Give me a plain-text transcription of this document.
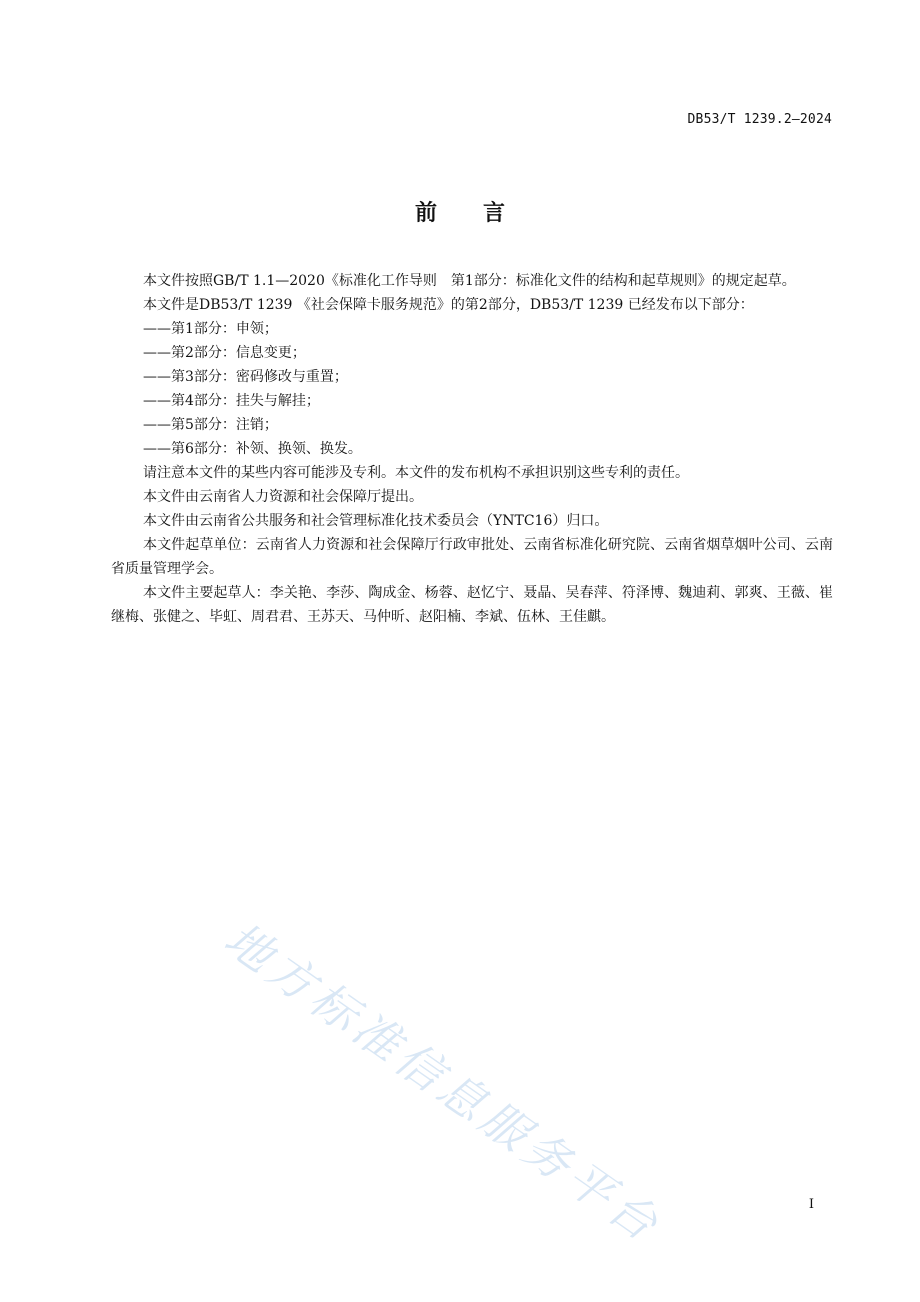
DB53/T 1239.2—2024
前言

本文件按照GB/T 1.1—2020《标准化工作导则　第1部分：标准化文件的结构和起草规则》的规定起草。

本文件是DB53/T 1239 《社会保障卡服务规范》的第2部分，DB53/T 1239 已经发布以下部分：

——第1部分：申领；

——第2部分：信息变更；

——第3部分：密码修改与重置；

——第4部分：挂失与解挂；

——第5部分：注销；

——第6部分：补领、换领、换发。

请注意本文件的某些内容可能涉及专利。本文件的发布机构不承担识别这些专利的责任。

本文件由云南省人力资源和社会保障厅提出。

本文件由云南省公共服务和社会管理标准化技术委员会（YNTC16）归口。

本文件起草单位：云南省人力资源和社会保障厅行政审批处、云南省标准化研究院、云南省烟草烟叶公司、云南省质量管理学会。

本文件主要起草人：李关艳、李莎、陶成金、杨蓉、赵忆宁、聂晶、吴春萍、符泽博、魏迪莉、郭爽、王薇、崔继梅、张健之、毕虹、周君君、王苏天、马仲昕、赵阳楠、李斌、伍林、王佳麒。

地方标准信息服务平台	I
